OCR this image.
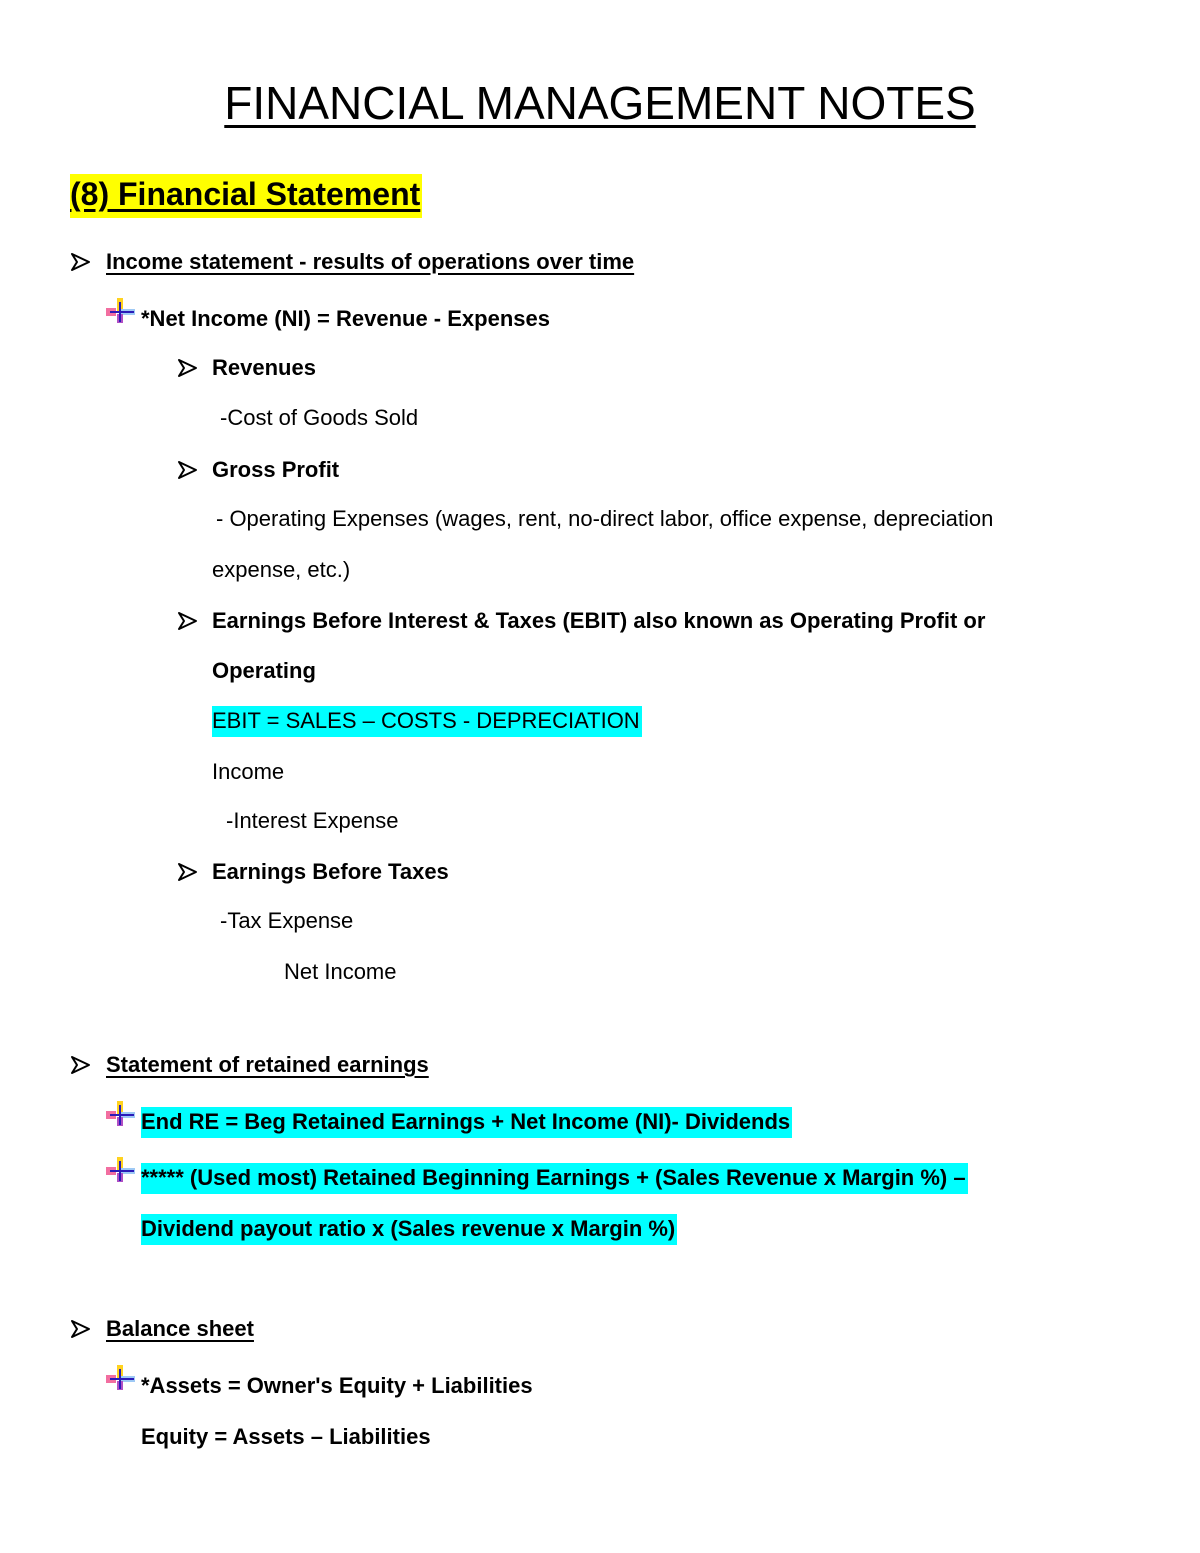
FINANCIAL MANAGEMENT NOTES
(8) Financial Statement
Income statement - results of operations over time
*Net Income (NI) = Revenue - Expenses
Revenues
-Cost of Goods Sold
Gross Profit
- Operating Expenses (wages, rent, no-direct labor, office expense, depreciation
expense, etc.)
Earnings Before Interest & Taxes (EBIT) also known as Operating Profit or
Operating
EBIT = SALES – COSTS - DEPRECIATION
Income
-Interest Expense
Earnings Before Taxes
-Tax Expense
Net Income
Statement of retained earnings
End RE = Beg Retained Earnings + Net Income (NI)- Dividends
***** (Used most) Retained Beginning Earnings + (Sales Revenue x Margin %) –
Dividend payout ratio x (Sales revenue x Margin %)
Balance sheet
*Assets = Owner's Equity + Liabilities
Equity = Assets – Liabilities
